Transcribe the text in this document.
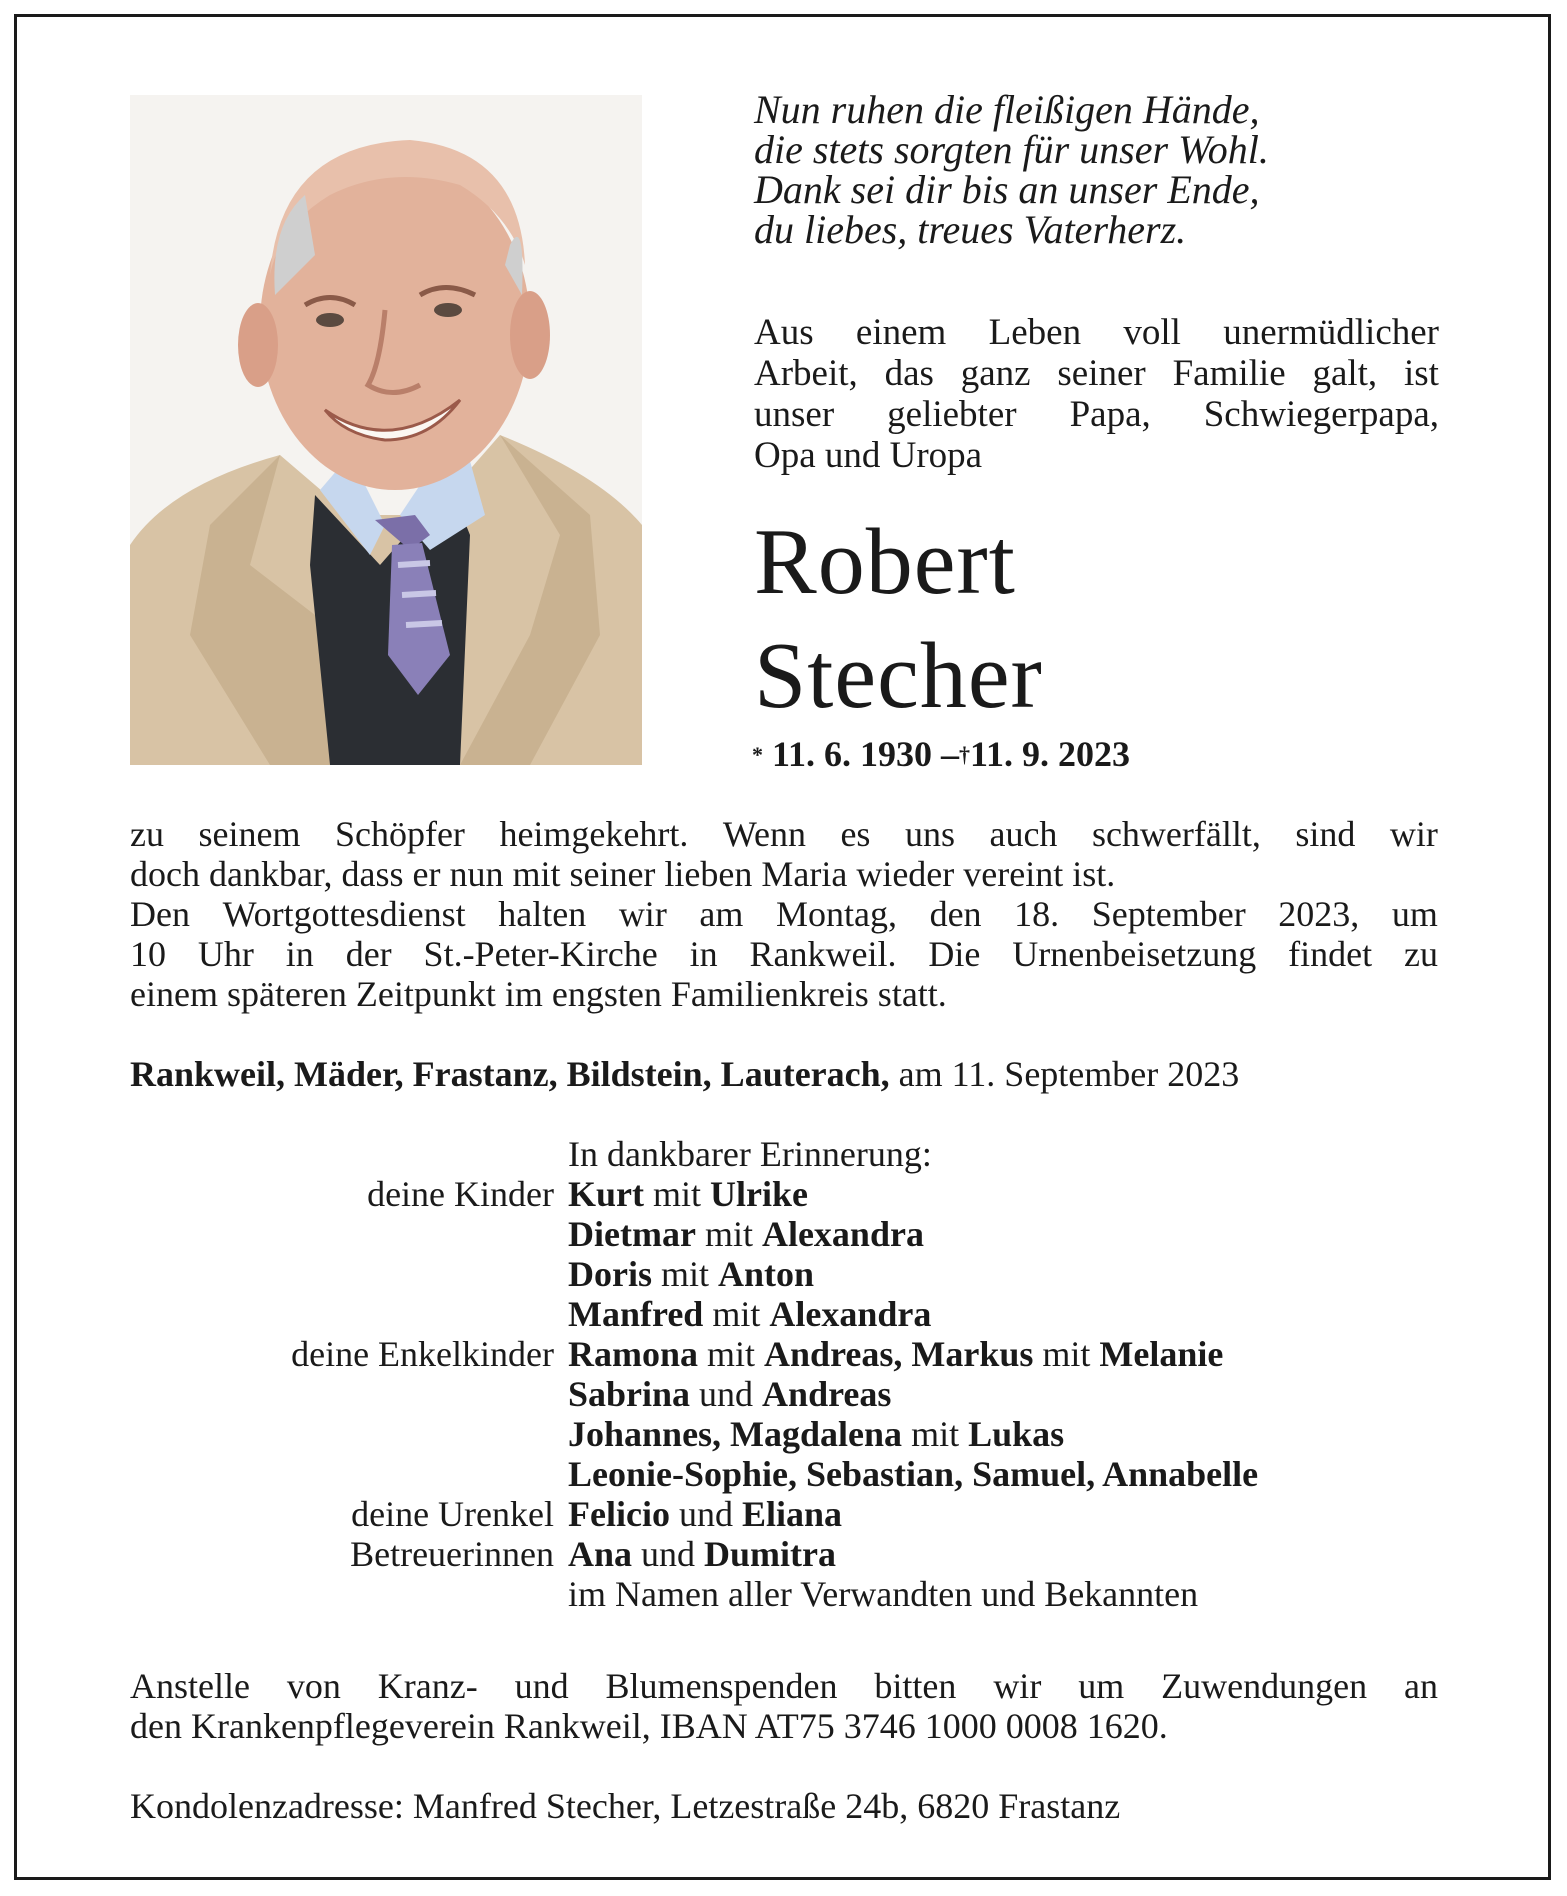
Nun ruhen die fleißigen Hände,
die stets sorgten für unser Wohl.
Dank sei dir bis an unser Ende,
du liebes, treues Vaterherz.
Aus einem Leben voll unermüdlicher
Arbeit, das ganz seiner Familie galt, ist
unser geliebter Papa, Schwiegerpapa,
Opa und Uropa
Robert
Stecher
* 11. 6. 1930 –†11. 9. 2023
zu seinem Schöpfer heimgekehrt. Wenn es uns auch schwerfällt, sind wir
doch dankbar, dass er nun mit seiner lieben Maria wieder vereint ist.
Den Wortgottesdienst halten wir am Montag, den 18. September 2023, um
10 Uhr in der St.-Peter-Kirche in Rankweil. Die Urnenbeisetzung findet zu
einem späteren Zeitpunkt im engsten Familienkreis statt.
Rankweil, Mäder, Frastanz, Bildstein, Lauterach, am 11. September 2023
In dankbarer Erinnerung:
deine Kinder Kurt mit Ulrike
Dietmar mit Alexandra
Doris mit Anton
Manfred mit Alexandra
deine Enkelkinder Ramona mit Andreas, Markus mit Melanie
Sabrina und Andreas
Johannes, Magdalena mit Lukas
Leonie-Sophie, Sebastian, Samuel, Annabelle
deine Urenkel Felicio und Eliana
Betreuerinnen Ana und Dumitra
im Namen aller Verwandten und Bekannten
Anstelle von Kranz- und Blumenspenden bitten wir um Zuwendungen an
den Krankenpflegeverein Rankweil, IBAN AT75 3746 1000 0008 1620.
Kondolenzadresse: Manfred Stecher, Letzestraße 24b, 6820 Frastanz
